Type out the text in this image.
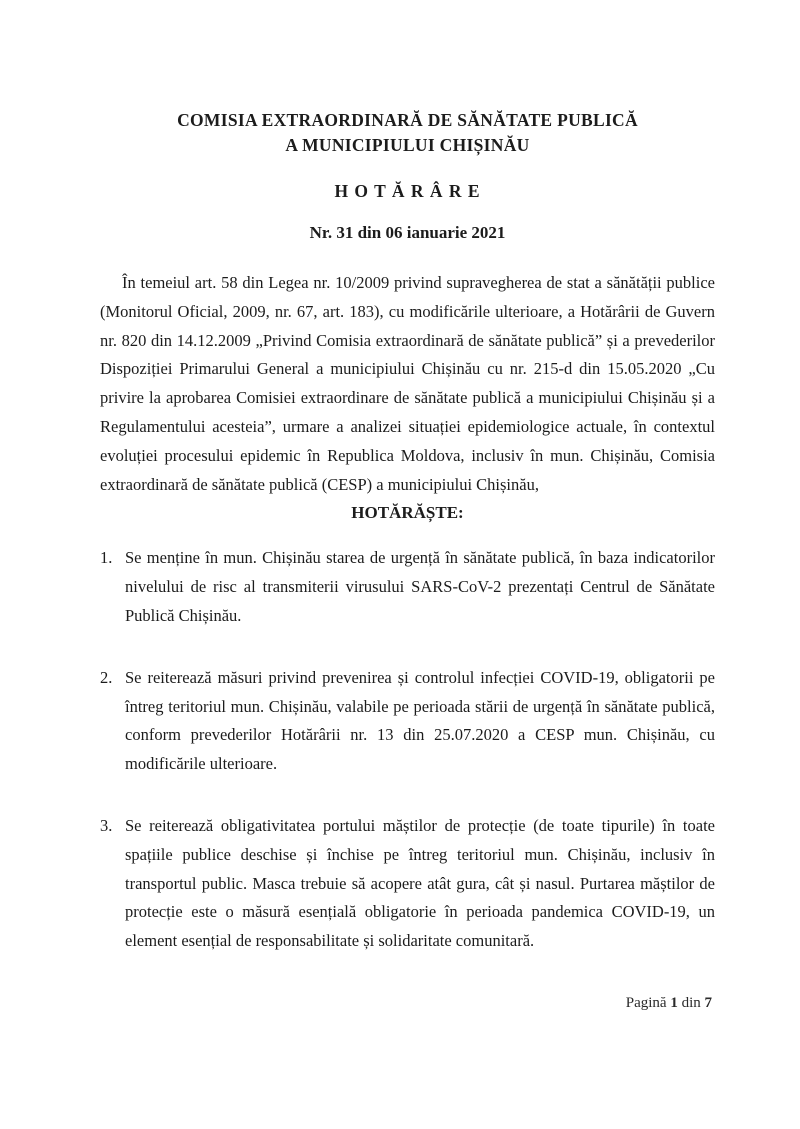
COMISIA EXTRAORDINARĂ DE SĂNĂTATE PUBLICĂ
A MUNICIPIULUI CHIȘINĂU
H O T Ă R Â R E
Nr. 31 din 06 ianuarie 2021
În temeiul art. 58 din Legea nr. 10/2009 privind supravegherea de stat a sănătății publice (Monitorul Oficial, 2009, nr. 67, art. 183), cu modificările ulterioare, a Hotărârii de Guvern nr. 820 din 14.12.2009 „Privind Comisia extraordinară de sănătate publică” și a prevederilor Dispoziției Primarului General a municipiului Chișinău cu nr. 215-d din 15.05.2020 „Cu privire la aprobarea Comisiei extraordinare de sănătate publică a municipiului Chișinău și a Regulamentului acesteia”, urmare a analizei situației epidemiologice actuale, în contextul evoluției procesului epidemic în Republica Moldova, inclusiv în mun. Chișinău, Comisia extraordinară de sănătate publică (CESP) a municipiului Chișinău,
HOTĂRĂȘTE:
1. Se menține în mun. Chișinău starea de urgență în sănătate publică, în baza indicatorilor nivelului de risc al transmiterii virusului SARS-CoV-2 prezentați Centrul de Sănătate Publică Chișinău.
2. Se reiterează măsuri privind prevenirea și controlul infecției COVID-19, obligatorii pe întreg teritoriul mun. Chișinău, valabile pe perioada stării de urgență în sănătate publică, conform prevederilor Hotărârii nr. 13 din 25.07.2020 a CESP mun. Chișinău, cu modificările ulterioare.
3. Se reiterează obligativitatea portului măștilor de protecție (de toate tipurile) în toate spațiile publice deschise și închise pe întreg teritoriul mun. Chișinău, inclusiv în transportul public. Masca trebuie să acopere atât gura, cât și nasul. Purtarea măștilor de protecție este o măsură esențială obligatorie în perioada pandemica COVID-19, un element esențial de responsabilitate și solidaritate comunitară.
Pagină 1 din 7
